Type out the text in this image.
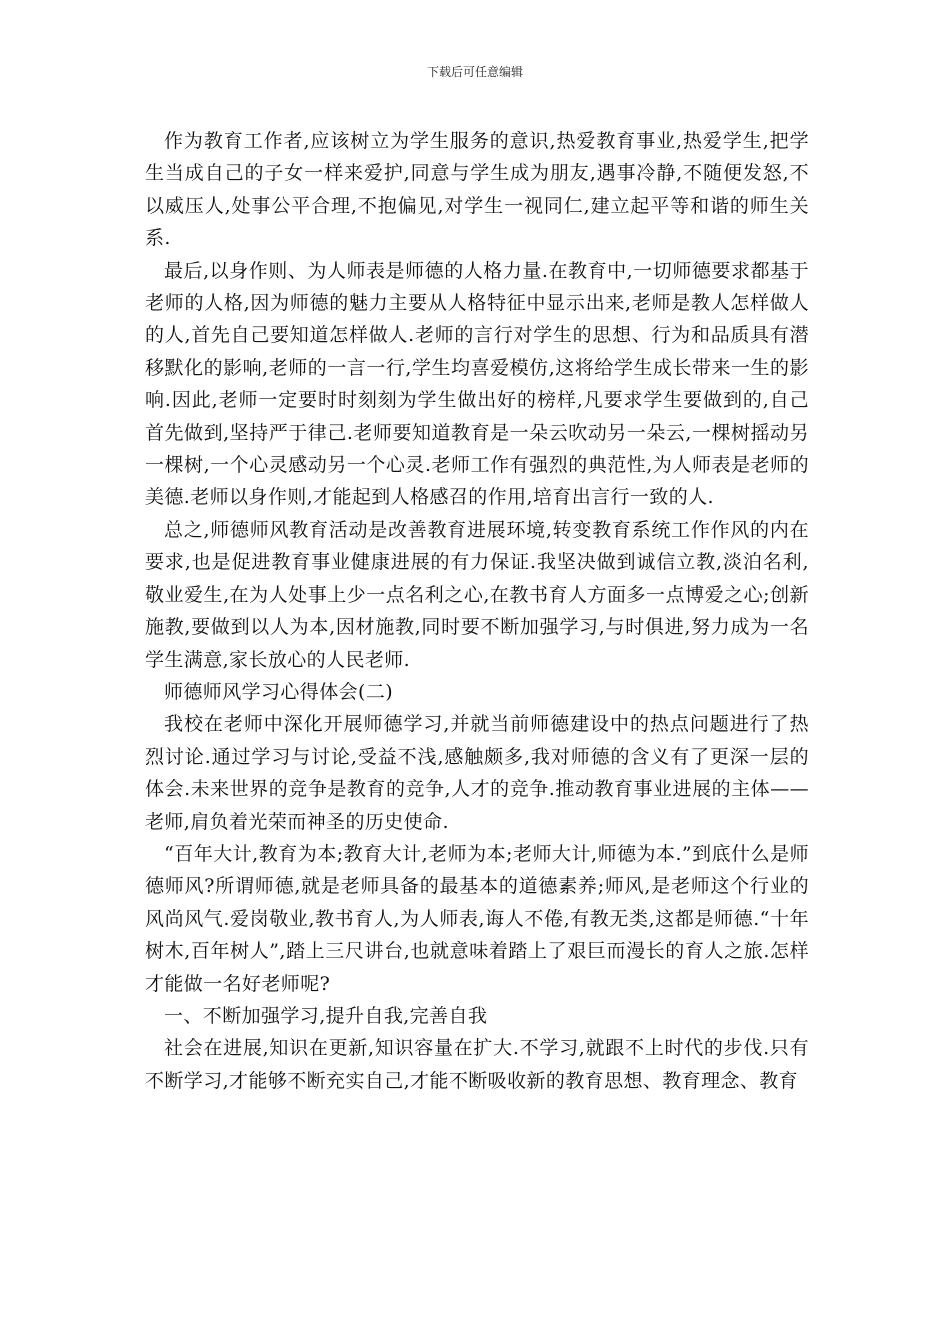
下载后可任意编辑

作为教育工作者,应该树立为学生服务的意识,热爱教育事业,热爱学生,把学生当成自己的子女一样来爱护,同意与学生成为朋友,遇事冷静,不随便发怒,不以威压人,处事公平合理,不抱偏见,对学生一视同仁,建立起平等和谐的师生关系.

最后,以身作则、为人师表是师德的人格力量.在教育中,一切师德要求都基于老师的人格,因为师德的魅力主要从人格特征中显示出来,老师是教人怎样做人的人,首先自己要知道怎样做人.老师的言行对学生的思想、行为和品质具有潜移默化的影响,老师的一言一行,学生均喜爱模仿,这将给学生成长带来一生的影响.因此,老师一定要时时刻刻为学生做出好的榜样,凡要求学生要做到的,自己首先做到,坚持严于律己.老师要知道教育是一朵云吹动另一朵云,一棵树摇动另一棵树,一个心灵感动另一个心灵.老师工作有强烈的典范性,为人师表是老师的美德.老师以身作则,才能起到人格感召的作用,培育出言行一致的人.

总之,师德师风教育活动是改善教育进展环境,转变教育系统工作作风的内在要求,也是促进教育事业健康进展的有力保证.我坚决做到诚信立教,淡泊名利,敬业爱生,在为人处事上少一点名利之心,在教书育人方面多一点博爱之心;创新施教,要做到以人为本,因材施教,同时要不断加强学习,与时俱进,努力成为一名学生满意,家长放心的人民老师.

师德师风学习心得体会(二)

我校在老师中深化开展师德学习,并就当前师德建设中的热点问题进行了热烈讨论.通过学习与讨论,受益不浅,感触颇多,我对师德的含义有了更深一层的体会.未来世界的竞争是教育的竞争,人才的竞争.推动教育事业进展的主体——老师,肩负着光荣而神圣的历史使命.

“百年大计,教育为本;教育大计,老师为本;老师大计,师德为本.”到底什么是师德师风?所谓师德,就是老师具备的最基本的道德素养;师风,是老师这个行业的风尚风气.爱岗敬业,教书育人,为人师表,诲人不倦,有教无类,这都是师德.“十年树木,百年树人”,踏上三尺讲台,也就意味着踏上了艰巨而漫长的育人之旅.怎样才能做一名好老师呢?

一、不断加强学习,提升自我,完善自我

社会在进展,知识在更新,知识容量在扩大.不学习,就跟不上时代的步伐.只有不断学习,才能够不断充实自己,才能不断吸收新的教育思想、教育理念、教育
